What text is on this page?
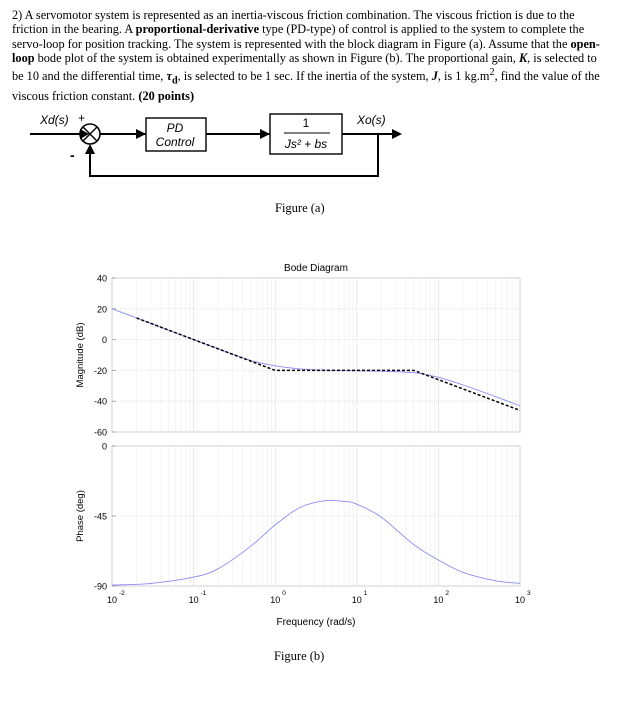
2) A servomotor system is represented as an inertia-viscous friction combination. The viscous friction is due to the friction in the bearing. A proportional-derivative type (PD-type) of control is applied to the system to complete the servo-loop for position tracking. The system is represented with the block diagram in Figure (a). Assume that the open-loop bode plot of the system is obtained experimentally as shown in Figure (b). The proportional gain, K, is selected to be 10 and the differential time, $\tau_d$, is selected to be 1 sec. If the inertia of the system, J, is 1 $kg.m^2$, find the value of the viscous friction constant. (20 points)
Xd(s) +
-
Xo(s)
PD
Control
1
Js² + bs
Figure (a)
Bode Diagram
40
20
0
-20
-40
-60
0
-45
-90
10
-2
10
-1
10
0
10
1
10
2
10
3
Magnitude (dB)
Phase (deg)
Frequency (rad/s)
Figure (b)
